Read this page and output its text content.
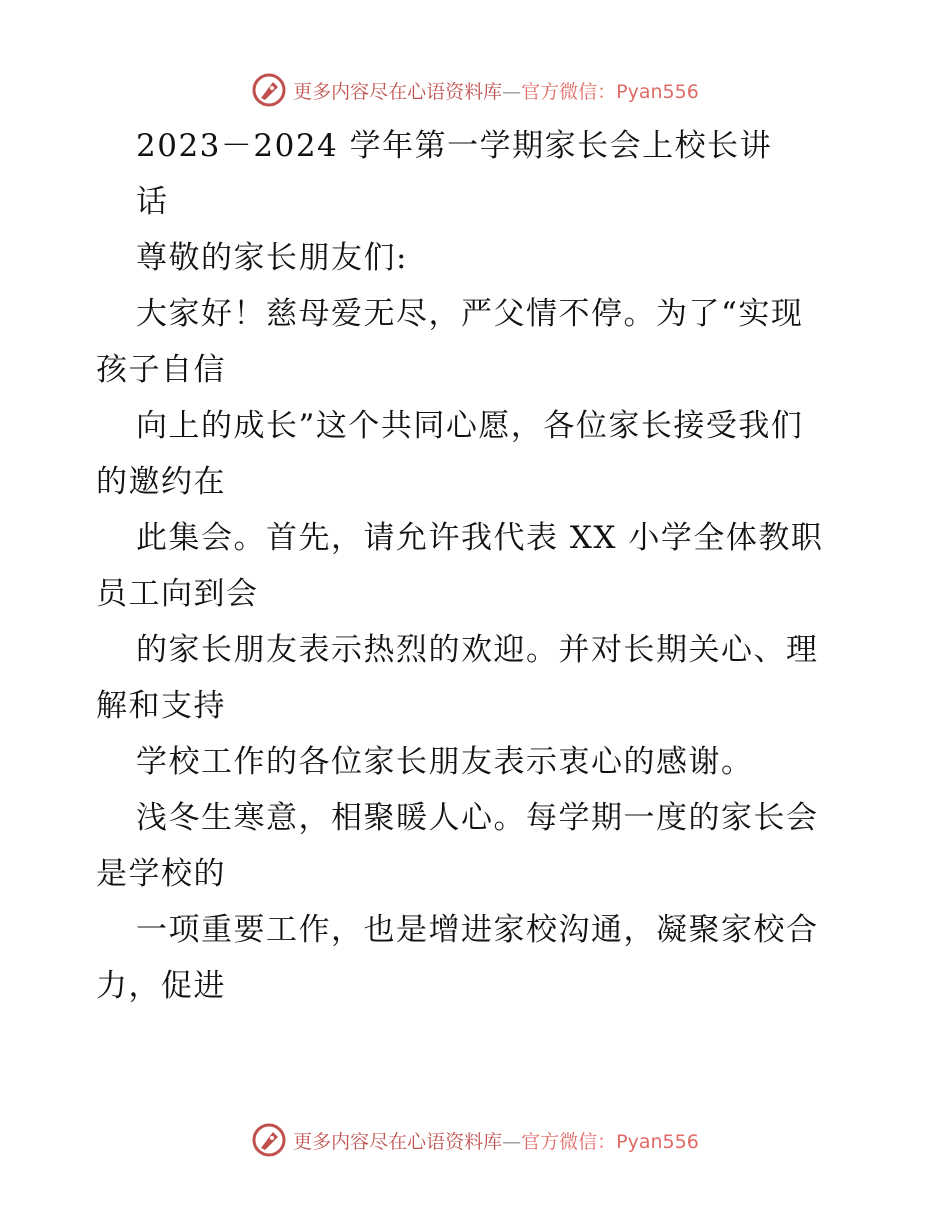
更多内容尽在心语资料库—官方微信：Pyan556
2023－2024 学年第一学期家长会上校长讲
话
尊敬的家长朋友们:
大家好！慈母爱无尽，严父情不停。为了“实现
孩子自信
向上的成长”这个共同心愿，各位家长接受我们
的邀约在
此集会。首先，请允许我代表 XX 小学全体教职
员工向到会
的家长朋友表示热烈的欢迎。并对长期关心、理
解和支持
学校工作的各位家长朋友表示衷心的感谢。
浅冬生寒意，相聚暖人心。每学期一度的家长会
是学校的
一项重要工作，也是增进家校沟通，凝聚家校合
力，促进
更多内容尽在心语资料库—官方微信：Pyan556
